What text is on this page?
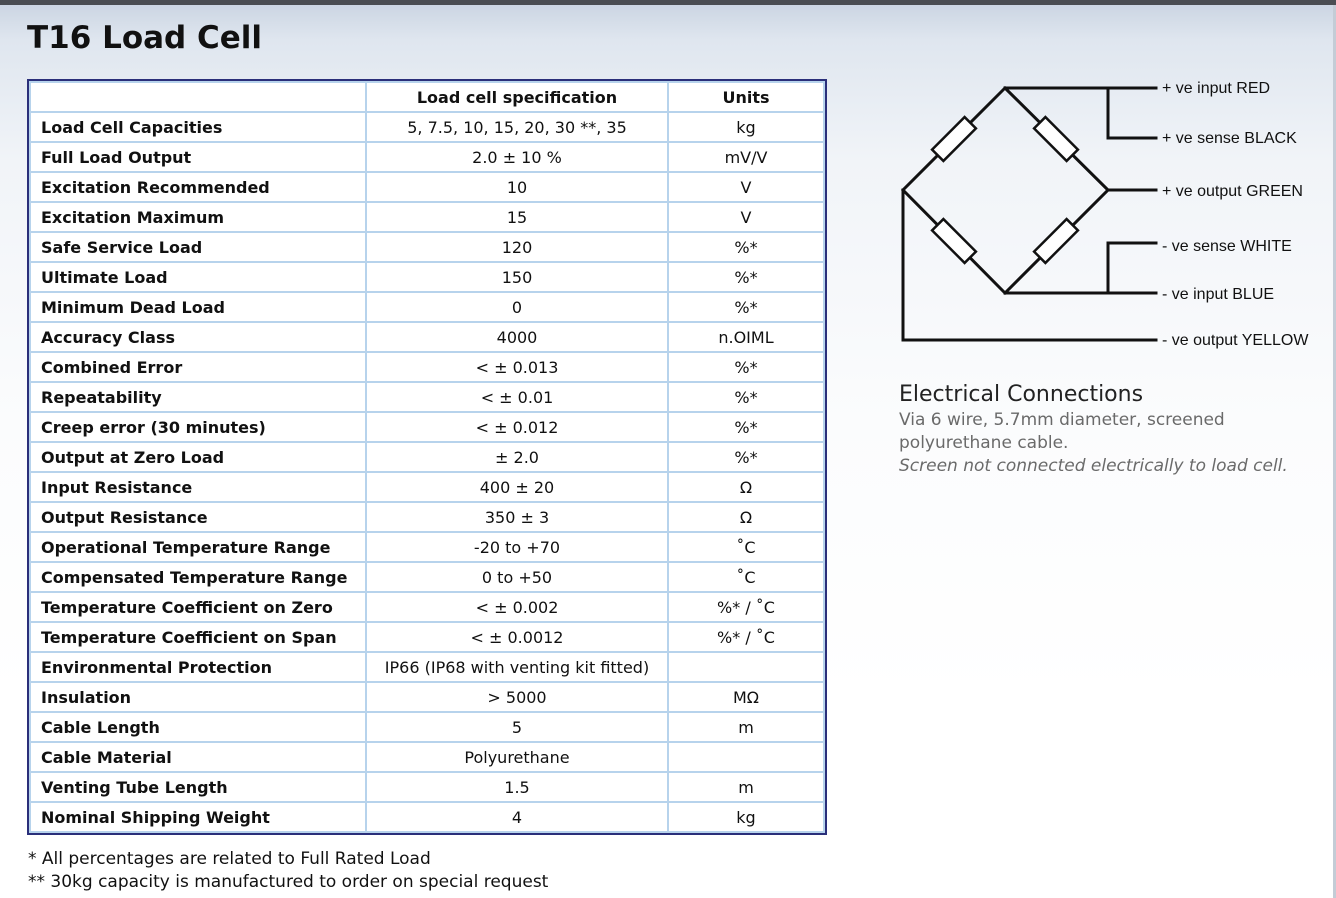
T16 Load Cell
	Load cell specification	Units
Load Cell Capacities	5, 7.5, 10, 15, 20, 30 **, 35	kg
Full Load Output	2.0 ± 10 %	mV/V
Excitation Recommended	10	V
Excitation Maximum	15	V
Safe Service Load	120	%*
Ultimate Load	150	%*
Minimum Dead Load	0	%*
Accuracy Class	4000	n.OIML
Combined Error	< ± 0.013	%*
Repeatability	< ± 0.01	%*
Creep error (30 minutes)	< ± 0.012	%*
Output at Zero Load	± 2.0	%*
Input Resistance	400 ± 20	Ω
Output Resistance	350 ± 3	Ω
Operational Temperature Range	-20 to +70	˚C
Compensated Temperature Range	0 to +50	˚C
Temperature Coefficient on Zero	< ± 0.002	%* / ˚C
Temperature Coefficient on Span	< ± 0.0012	%* / ˚C
Environmental Protection	IP66 (IP68 with venting kit fitted)	
Insulation	> 5000	MΩ
Cable Length	5	m
Cable Material	Polyurethane	
Venting Tube Length	1.5	m
Nominal Shipping Weight	4	kg
* All percentages are related to Full Rated Load
** 30kg capacity is manufactured to order on special request
+ ve input RED
+ ve sense BLACK
+ ve output GREEN
- ve sense WHITE
- ve input BLUE
- ve output YELLOW
Electrical Connections
Via 6 wire, 5.7mm diameter, screened
polyurethane cable.
Screen not connected electrically to load cell.
